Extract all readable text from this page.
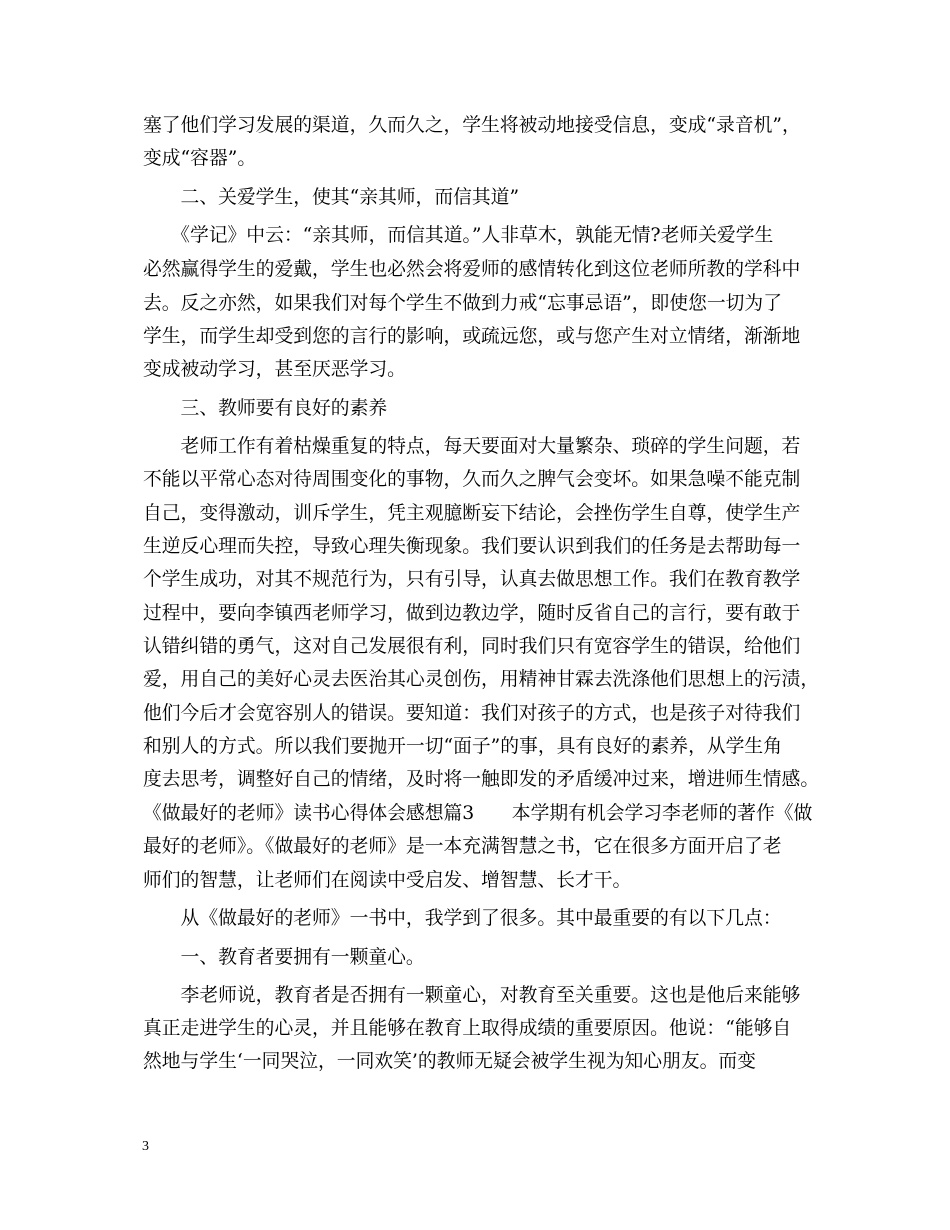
塞了他们学习发展的渠道，久而久之，学生将被动地接受信息，变成“录音机”，
变成“容器”。
　　二、关爱学生，使其“亲其师，而信其道”
　　《学记》中云：“亲其师，而信其道。”人非草木，孰能无情?老师关爱学生
必然赢得学生的爱戴，学生也必然会将爱师的感情转化到这位老师所教的学科中
去。反之亦然，如果我们对每个学生不做到力戒“忘事忌语”，即使您一切为了
学生，而学生却受到您的言行的影响，或疏远您，或与您产生对立情绪，渐渐地
变成被动学习，甚至厌恶学习。
　　三、教师要有良好的素养
　　老师工作有着枯燥重复的特点，每天要面对大量繁杂、琐碎的学生问题，若
不能以平常心态对待周围变化的事物，久而久之脾气会变坏。如果急噪不能克制
自己，变得激动，训斥学生，凭主观臆断妄下结论，会挫伤学生自尊，使学生产
生逆反心理而失控，导致心理失衡现象。我们要认识到我们的任务是去帮助每一
个学生成功，对其不规范行为，只有引导，认真去做思想工作。我们在教育教学
过程中，要向李镇西老师学习，做到边教边学，随时反省自己的言行，要有敢于
认错纠错的勇气，这对自己发展很有利，同时我们只有宽容学生的错误，给他们
爱，用自己的美好心灵去医治其心灵创伤，用精神甘霖去洗涤他们思想上的污渍，
他们今后才会宽容别人的错误。要知道：我们对孩子的方式，也是孩子对待我们
和别人的方式。所以我们要抛开一切“面子”的事，具有良好的素养，从学生角
度去思考，调整好自己的情绪，及时将一触即发的矛盾缓冲过来，增进师生情感。
《做最好的老师》读书心得体会感想篇3　　本学期有机会学习李老师的著作《做
最好的老师》。《做最好的老师》是一本充满智慧之书，它在很多方面开启了老
师们的智慧，让老师们在阅读中受启发、增智慧、长才干。
　　从《做最好的老师》一书中，我学到了很多。其中最重要的有以下几点：
　　一、教育者要拥有一颗童心。
　　李老师说，教育者是否拥有一颗童心，对教育至关重要。这也是他后来能够
真正走进学生的心灵，并且能够在教育上取得成绩的重要原因。他说：“能够自
然地与学生‘一同哭泣，一同欢笑’的教师无疑会被学生视为知心朋友。而变
3
